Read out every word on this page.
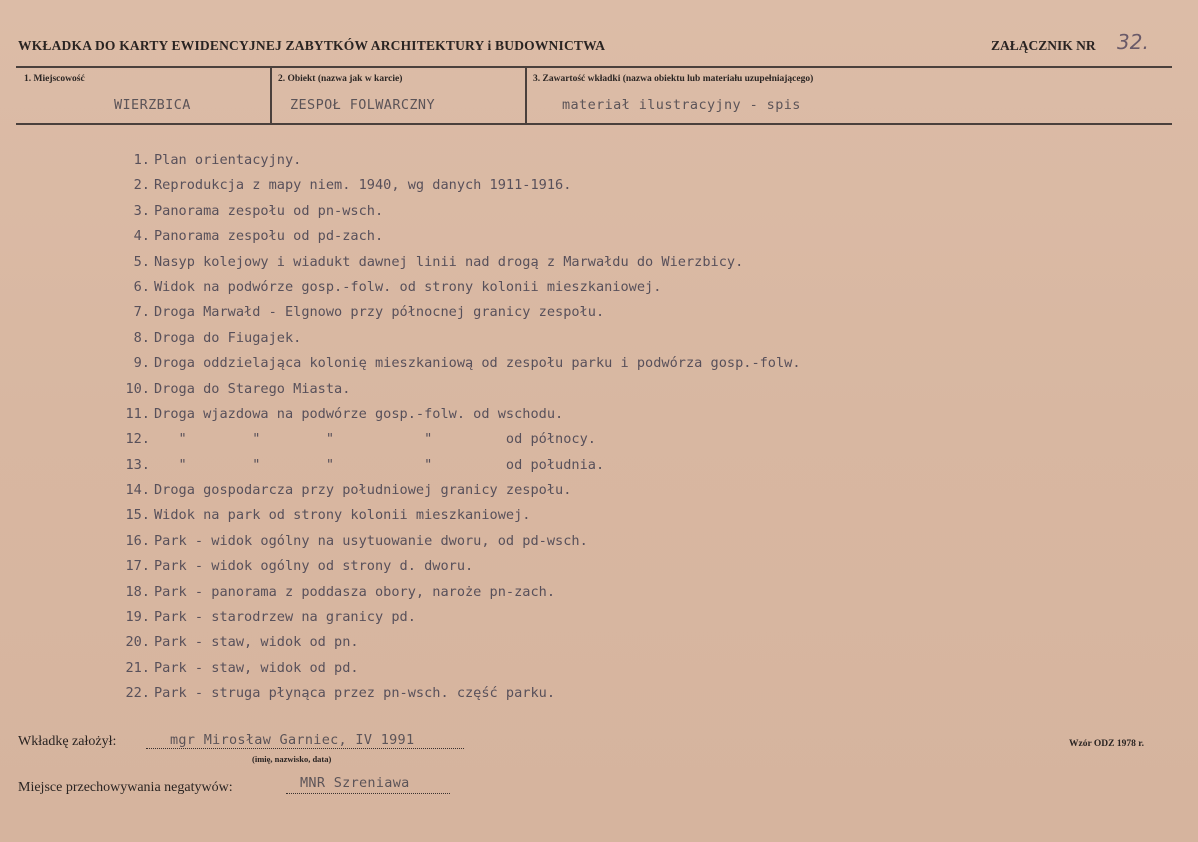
WKŁADKA DO KARTY EWIDENCYJNEJ ZABYTKÓW ARCHITEKTURY i BUDOWNICTWA	ZAŁĄCZNIK NR 32.
1. Miejscowość
WIERZBICA
2. Obiekt (nazwa jak w karcie)
ZESPOŁ FOLWARCZNY
3. Zawartość wkładki (nazwa obiektu lub materiału uzupełniającego)
materiał ilustracyjny - spis
1. Plan orientacyjny.
2. Reprodukcja z mapy niem. 1940, wg danych 1911-1916.
3. Panorama zespołu od pn-wsch.
4. Panorama zespołu od pd-zach.
5. Nasyp kolejowy i wiadukt dawnej linii nad drogą z Marwałdu do Wierzbicy.
6. Widok na podwórze gosp.-folw. od strony kolonii mieszkaniowej.
7. Droga Marwałd - Elgnowo przy północnej granicy zespołu.
8. Droga do Fiugajek.
9. Droga oddzielająca kolonię mieszkaniową od zespołu parku i podwórza gosp.-folw.
10. Droga do Starego Miasta.
11. Droga wjazdowa na podwórze gosp.-folw. od wschodu.
12.   "        "        "           "         od północy.
13.   "        "        "           "         od południa.
14. Droga gospodarcza przy południowej granicy zespołu.
15. Widok na park od strony kolonii mieszkaniowej.
16. Park - widok ogólny na usytuowanie dworu, od pd-wsch.
17. Park - widok ogólny od strony d. dworu.
18. Park - panorama z poddasza obory, naroże pn-zach.
19. Park - starodrzew na granicy pd.
20. Park - staw, widok od pn.
21. Park - staw, widok od pd.
22. Park - struga płynąca przez pn-wsch. część parku.
Wkładkę założył:	mgr Mirosław Garniec, IV 1991
(imię, nazwisko, data)
Miejsce przechowywania negatywów:	MNR Szreniawa
Wzór ODZ 1978 r.
